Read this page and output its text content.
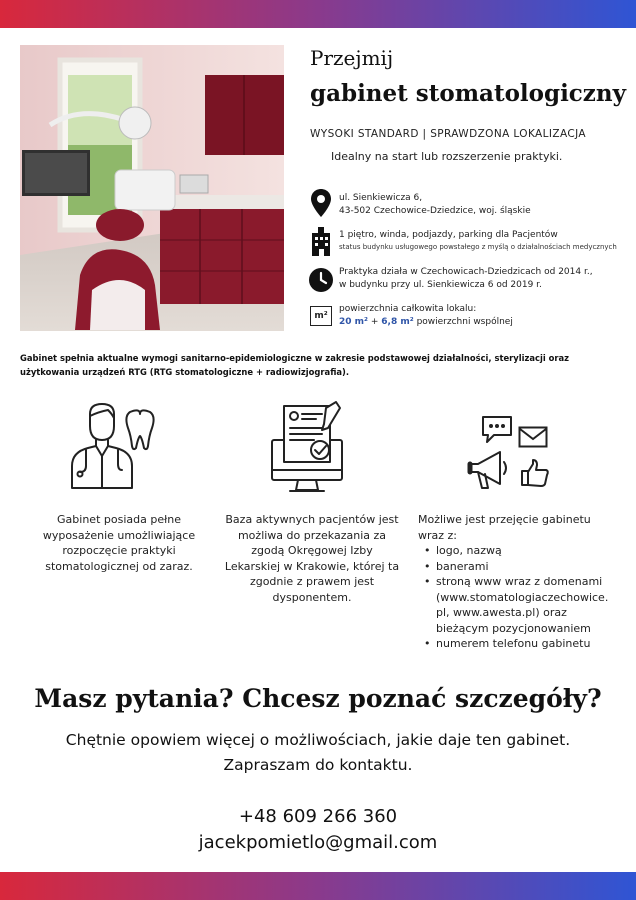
Przejmij
gabinet stomatologiczny
WYSOKI STANDARD | SPRAWDZONA LOKALIZACJA
Idealny na start lub rozszerzenie praktyki.
ul. Sienkiewicza 6,
43-502 Czechowice-Dziedzice, woj. śląskie
1 piętro, winda, podjazdy, parking dla Pacjentów
status budynku usługowego powstałego z myślą o działalnościach medycznych
Praktyka działa w Czechowicach-Dziedzicach od 2014 r.,
w budynku przy ul. Sienkiewicza 6 od 2019 r.
m²
powierzchnia całkowita lokalu:
20 m² + 6,8 m² powierzchni wspólnej
Gabinet spełnia aktualne wymogi sanitarno-epidemiologiczne w zakresie podstawowej działalności, sterylizacji oraz użytkowania urządzeń RTG (RTG stomatologiczne + radiowizjografia).
Gabinet posiada pełne wyposażenie umożliwiające rozpoczęcie praktyki stomatologicznej od zaraz.
Baza aktywnych pacjentów jest możliwa do przekazania za zgodą Okręgowej Izby Lekarskiej w Krakowie, której ta zgodnie z prawem jest dysponentem.
Możliwe jest przejęcie gabinetu wraz z:
• logo, nazwą
• banerami
• stroną www wraz z domenami (www.stomatologiaczechowice. pl, www.awesta.pl) oraz bieżącym pozycjonowaniem
• numerem telefonu gabinetu
Masz pytania? Chcesz poznać szczegóły?
Chętnie opowiem więcej o możliwościach, jakie daje ten gabinet.
Zapraszam do kontaktu.
+48 609 266 360
jacekpomietlo@gmail.com
